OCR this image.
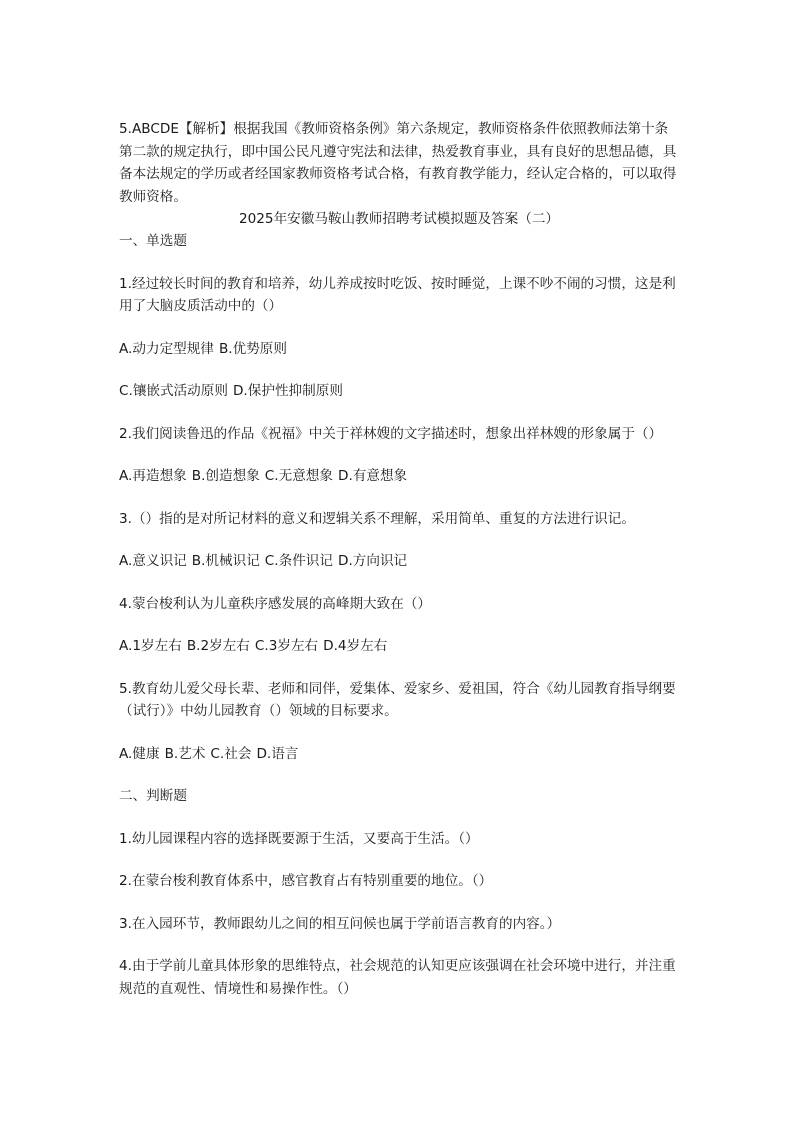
5.ABCDE【解析】根据我国《教师资格条例》第六条规定，教师资格条件依照教师法第十条第二款的规定执行，即中国公民凡遵守宪法和法律，热爱教育事业，具有良好的思想品德，具备本法规定的学历或者经国家教师资格考试合格，有教育教学能力，经认定合格的，可以取得教师资格。

2025年安徽马鞍山教师招聘考试模拟题及答案（二）

一、单选题

1.经过较长时间的教育和培养，幼儿养成按时吃饭、按时睡觉，上课不吵不闹的习惯，这是利用了大脑皮质活动中的（）

A.动力定型规律 B.优势原则

C.镶嵌式活动原则 D.保护性抑制原则

2.我们阅读鲁迅的作品《祝福》中关于祥林嫂的文字描述时，想象出祥林嫂的形象属于（）

A.再造想象 B.创造想象 C.无意想象 D.有意想象

3.（）指的是对所记材料的意义和逻辑关系不理解，采用简单、重复的方法进行识记。

A.意义识记 B.机械识记 C.条件识记 D.方向识记

4.蒙台梭利认为儿童秩序感发展的高峰期大致在（）

A.1岁左右 B.2岁左右 C.3岁左右 D.4岁左右

5.教育幼儿爱父母长辈、老师和同伴，爱集体、爱家乡、爱祖国，符合《幼儿园教育指导纲要（试行）》中幼儿园教育（）领域的目标要求。

A.健康 B.艺术 C.社会 D.语言

二、判断题

1.幼儿园课程内容的选择既要源于生活，又要高于生活。（）

2.在蒙台梭利教育体系中，感官教育占有特别重要的地位。（）

3.在入园环节，教师跟幼儿之间的相互问候也属于学前语言教育的内容。）

4.由于学前儿童具体形象的思维特点，社会规范的认知更应该强调在社会环境中进行，并注重规范的直观性、情境性和易操作性。（）
